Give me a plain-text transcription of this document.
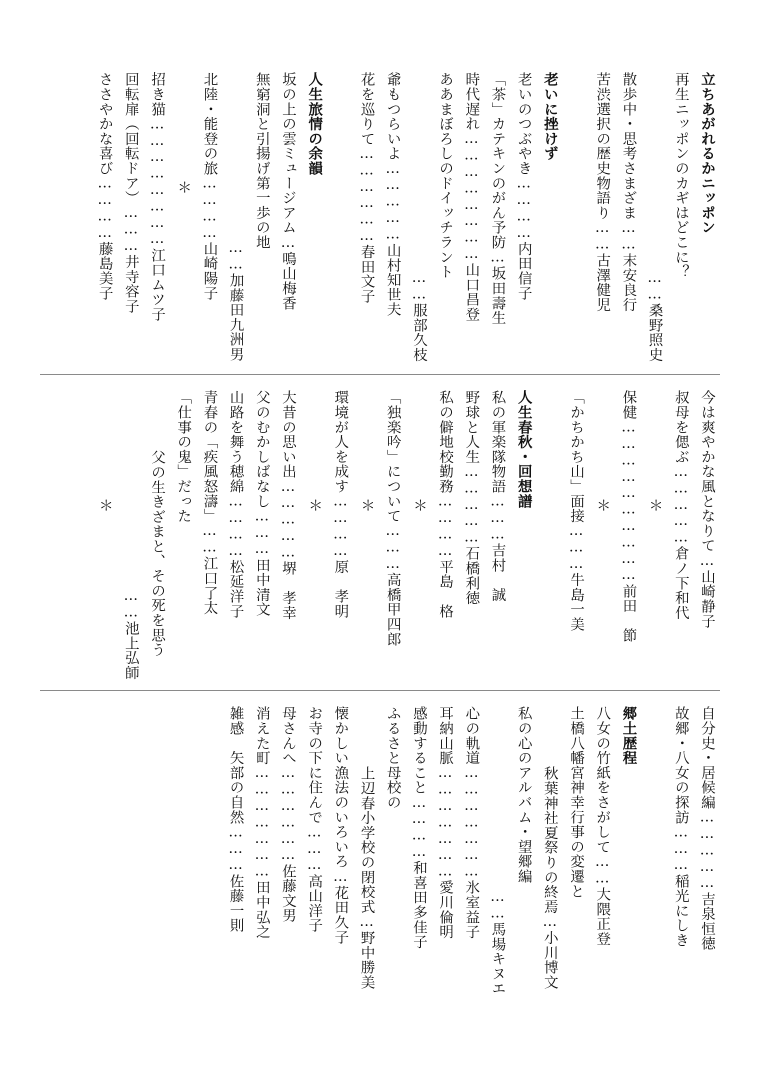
立ちあがれるかニッポン
再生ニッポンのカギはどこに？
……桑野照史
散歩中・思考さまざま……末安良行
苦渋選択の歴史物語り……古澤健児
老いに挫けず
老いのつぶやき…………内田信子
「茶」カテキンのがん予防…坂田壽生
時代遅れ……………………山口昌登
ああまぼろしのドイッチラント
……服部久枝
爺もつらいよ……………山村知世夫
花を巡りて………………春田文子
人生旅情の余韻
坂の上の雲ミュージアム…鳴山梅香
無窮洞と引揚げ第一歩の地
……加藤田九洲男
北陸・能登の旅…………山崎陽子
＊
招き猫……………………江口ムツ子
回転扉（回転ドア）………井寺容子
ささやかな喜び…………藤島美子
今は爽やかな風となりて…山崎静子
叔母を偲ぶ……………倉ノ下和代
＊
保健…………………………前田　節
＊
「かちかち山」面接………牛島一美
人生春秋・回想譜
私の軍楽隊物語………吉村　誠
野球と人生……………石橋利徳
私の僻地校勤務…………平島　格
＊
「独楽吟」について………高橋甲四郎
＊
環境が人を成す…………原　孝明
＊
大昔の思い出……………堺　孝幸
父のむかしばなし………田中清文
山路を舞う穂綿…………松延洋子
青春の「疾風怒濤」……江口了太
「仕事の鬼」だった
父の生きざまと、その死を思う
……池上弘師
＊
自分史・居候編……………吉泉恒徳
故郷・八女の探訪………稲光にしき
郷土歴程
八女の竹紙をさがして……大隈正登
土橋八幡宮神幸行事の変遷と
秋葉神社夏祭りの終焉…小川博文
私の心のアルバム・望郷編
……馬場キヌエ
心の軌道…………………氷室益子
耳納山脈…………………愛川倫明
感動すること…………和喜田多佳子
ふるさと母校の
上辺春小学校の閉校式…野中勝美
懐かしい漁法のいろいろ…花田久子
お寺の下に住んで………高山洋子
母さんへ………………佐藤文男
消えた町…………………田中弘之
雑感　矢部の自然………佐藤一則
